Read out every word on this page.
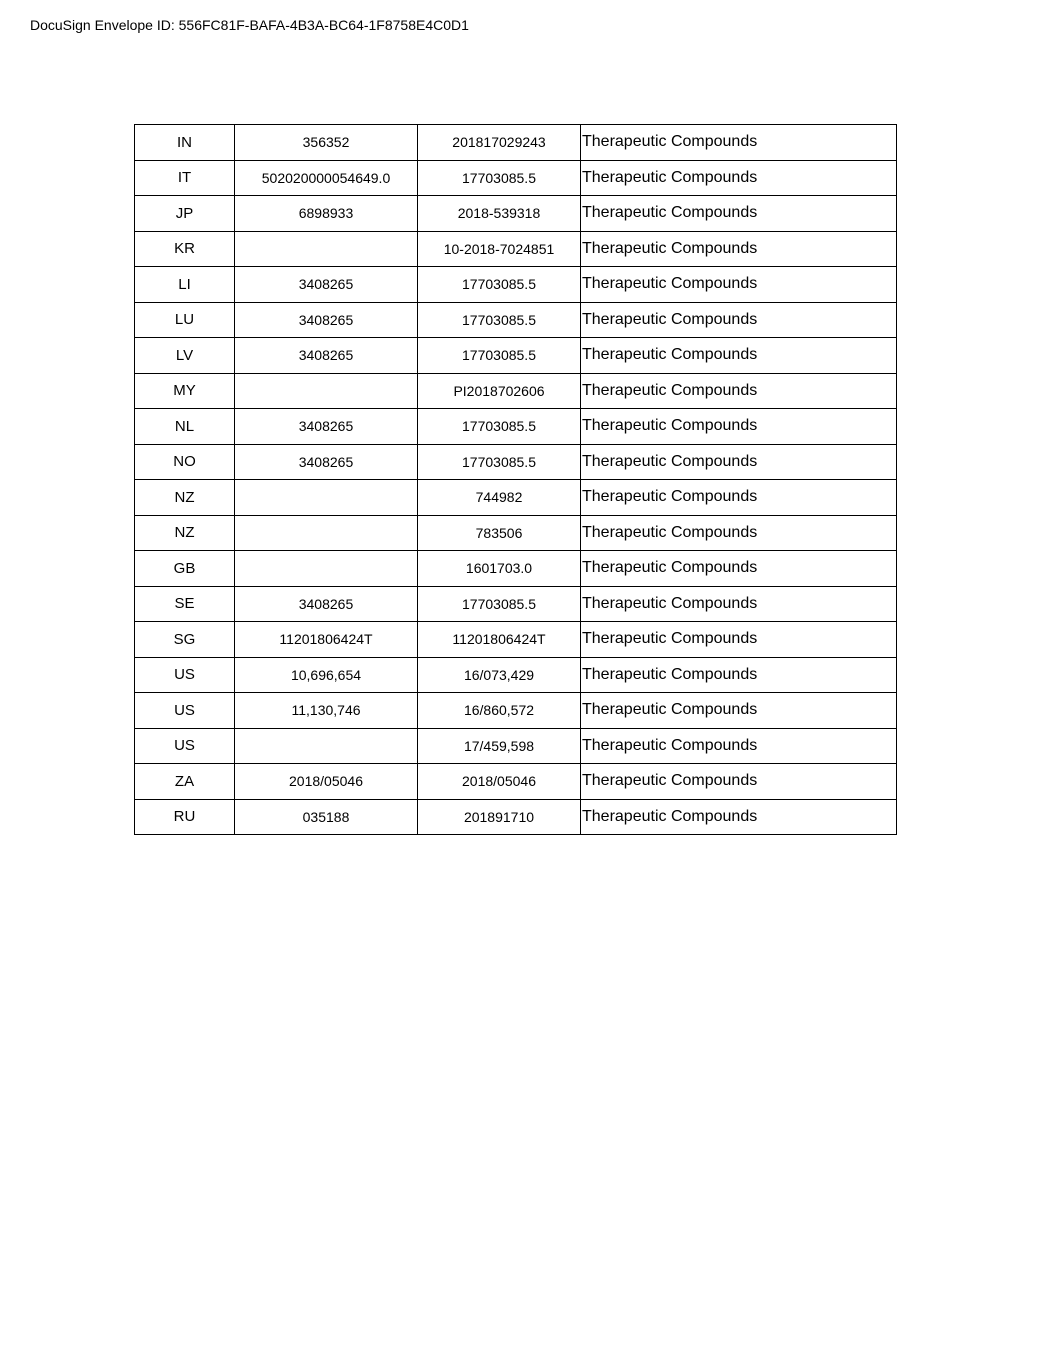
DocuSign Envelope ID: 556FC81F-BAFA-4B3A-BC64-1F8758E4C0D1
IN	356352	201817029243	Therapeutic Compounds
IT	502020000054649.0	17703085.5	Therapeutic Compounds
JP	6898933	2018-539318	Therapeutic Compounds
KR		10-2018-7024851	Therapeutic Compounds
LI	3408265	17703085.5	Therapeutic Compounds
LU	3408265	17703085.5	Therapeutic Compounds
LV	3408265	17703085.5	Therapeutic Compounds
MY		PI2018702606	Therapeutic Compounds
NL	3408265	17703085.5	Therapeutic Compounds
NO	3408265	17703085.5	Therapeutic Compounds
NZ		744982	Therapeutic Compounds
NZ		783506	Therapeutic Compounds
GB		1601703.0	Therapeutic Compounds
SE	3408265	17703085.5	Therapeutic Compounds
SG	11201806424T	11201806424T	Therapeutic Compounds
US	10,696,654	16/073,429	Therapeutic Compounds
US	11,130,746	16/860,572	Therapeutic Compounds
US		17/459,598	Therapeutic Compounds
ZA	2018/05046	2018/05046	Therapeutic Compounds
RU	035188	201891710	Therapeutic Compounds
